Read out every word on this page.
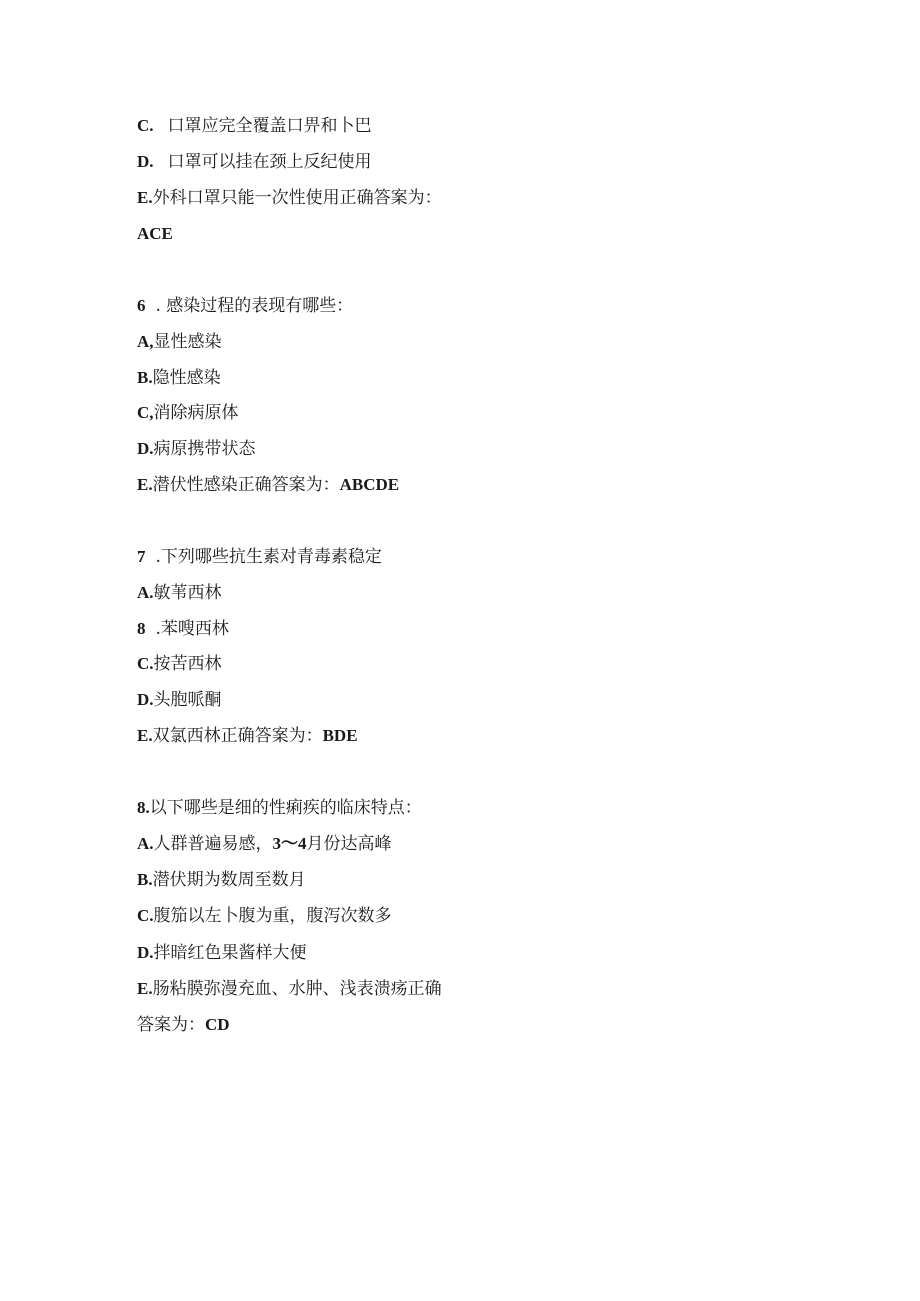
C. 口罩应完全覆盖口畀和卜巴
D. 口罩可以挂在颈上反纪使用
E.外科口罩只能一次性使用正确答案为：
ACE
6 . 感染过程的表现有哪些：
A,显性感染
B.隐性感染
C,消除病原体
D.病原携带状态
E.潜伏性感染正确答案为：ABCDE
7 .下列哪些抗生素对青毒素稳定
A.敏苇西林
8 .苯嗖西林
C.按苦西林
D.头胞哌酮
E.双氯西林正确答案为：BDE
8.以下哪些是细的性痢疾的临床特点：
A.人群普遍易感，3～4月份达高峰
B.潜伏期为数周至数月
C.腹笳以左卜腹为重，腹泻次数多
D.拌暗红色果酱样大便
E.肠粘膜弥漫充血、水肿、浅表溃疡正确
答案为：CD
